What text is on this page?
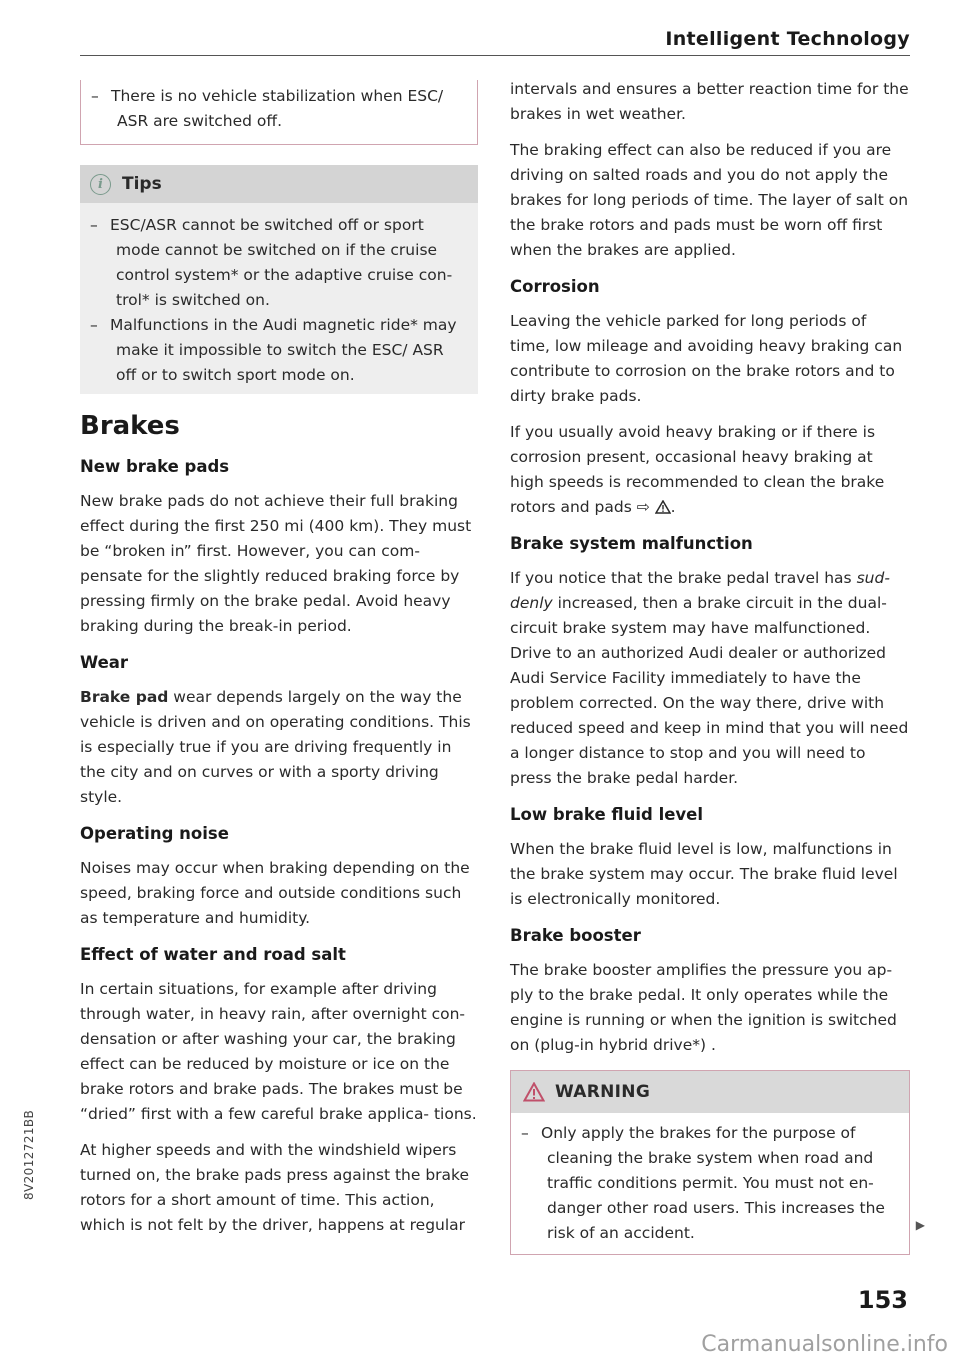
Intelligent Technology
– There is no vehicle stabilization when ESC/ ASR are switched off.
i	Tips
– ESC/ASR cannot be switched off or sport mode cannot be switched on if the cruise control system* or the adaptive cruise con- trol* is switched on.
– Malfunctions in the Audi magnetic ride* may make it impossible to switch the ESC/ ASR off or to switch sport mode on.
Brakes
New brake pads

New brake pads do not achieve their full braking effect during the first 250 mi (400 km). They must be “broken in” first. However, you can com- pensate for the slightly reduced braking force by pressing firmly on the brake pedal. Avoid heavy braking during the break-in period.

Wear

Brake pad wear depends largely on the way the vehicle is driven and on operating conditions. This is especially true if you are driving frequently in the city and on curves or with a sporty driving style.

Operating noise

Noises may occur when braking depending on the speed, braking force and outside conditions such as temperature and humidity.

Effect of water and road salt

In certain situations, for example after driving through water, in heavy rain, after overnight con- densation or after washing your car, the braking effect can be reduced by moisture or ice on the brake rotors and brake pads. The brakes must be “dried” first with a few careful brake applica- tions.

At higher speeds and with the windshield wipers turned on, the brake pads press against the brake rotors for a short amount of time. This action, which is not felt by the driver, happens at regular

intervals and ensures a better reaction time for the brakes in wet weather.

The braking effect can also be reduced if you are driving on salted roads and you do not apply the brakes for long periods of time. The layer of salt on the brake rotors and pads must be worn off first when the brakes are applied.

Corrosion

Leaving the vehicle parked for long periods of time, low mileage and avoiding heavy braking can contribute to corrosion on the brake rotors and to dirty brake pads.

If you usually avoid heavy braking or if there is corrosion present, occasional heavy braking at high speeds is recommended to clean the brake rotors and pads ⇨ .

Brake system malfunction

If you notice that the brake pedal travel has sud- denly increased, then a brake circuit in the dual- circuit brake system may have malfunctioned. Drive to an authorized Audi dealer or authorized Audi Service Facility immediately to have the problem corrected. On the way there, drive with reduced speed and keep in mind that you will need a longer distance to stop and you will need to press the brake pedal harder.

Low brake fluid level

When the brake fluid level is low, malfunctions in the brake system may occur. The brake fluid level is electronically monitored.

Brake booster

The brake booster amplifies the pressure you ap- ply to the brake pedal. It only operates while the engine is running or when the ignition is switched on (plug-in hybrid drive*) .

WARNING
– Only apply the brakes for the purpose of cleaning the brake system when road and traffic conditions permit. You must not en- danger other road users. This increases the risk of an accident.	▶
153
8V2012721BB
Carmanualsonline.info
